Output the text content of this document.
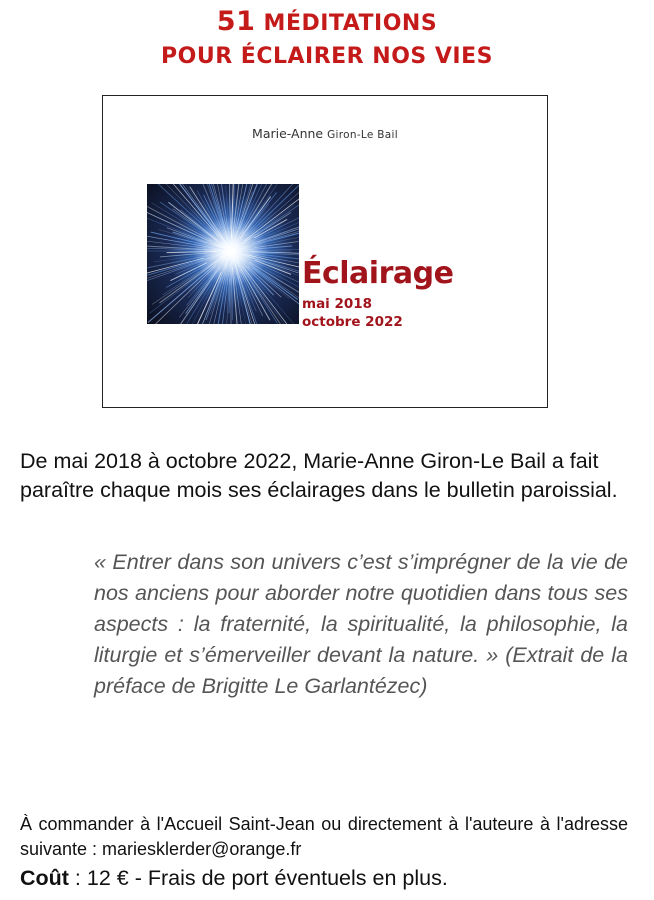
51 MÉDITATIONS
POUR ÉCLAIRER NOS VIES
Marie-Anne Giron-Le Bail
Éclairage
mai 2018
octobre 2022
De mai 2018 à octobre 2022, Marie-Anne Giron-Le Bail a fait paraître chaque mois ses éclairages dans le bulletin paroissial.
« Entrer dans son univers c’est s’imprégner de la vie de nos anciens pour aborder notre quotidien dans tous ses aspects : la fraternité, la spiritualité, la philosophie, la liturgie et s’émerveiller devant la nature. » (Extrait de la préface de Brigitte Le Garlantézec)
À commander à l'Accueil Saint-Jean ou directement à l'auteure à l'adresse suivante : mariesklerder@orange.fr
Coût : 12 € - Frais de port éventuels en plus.
